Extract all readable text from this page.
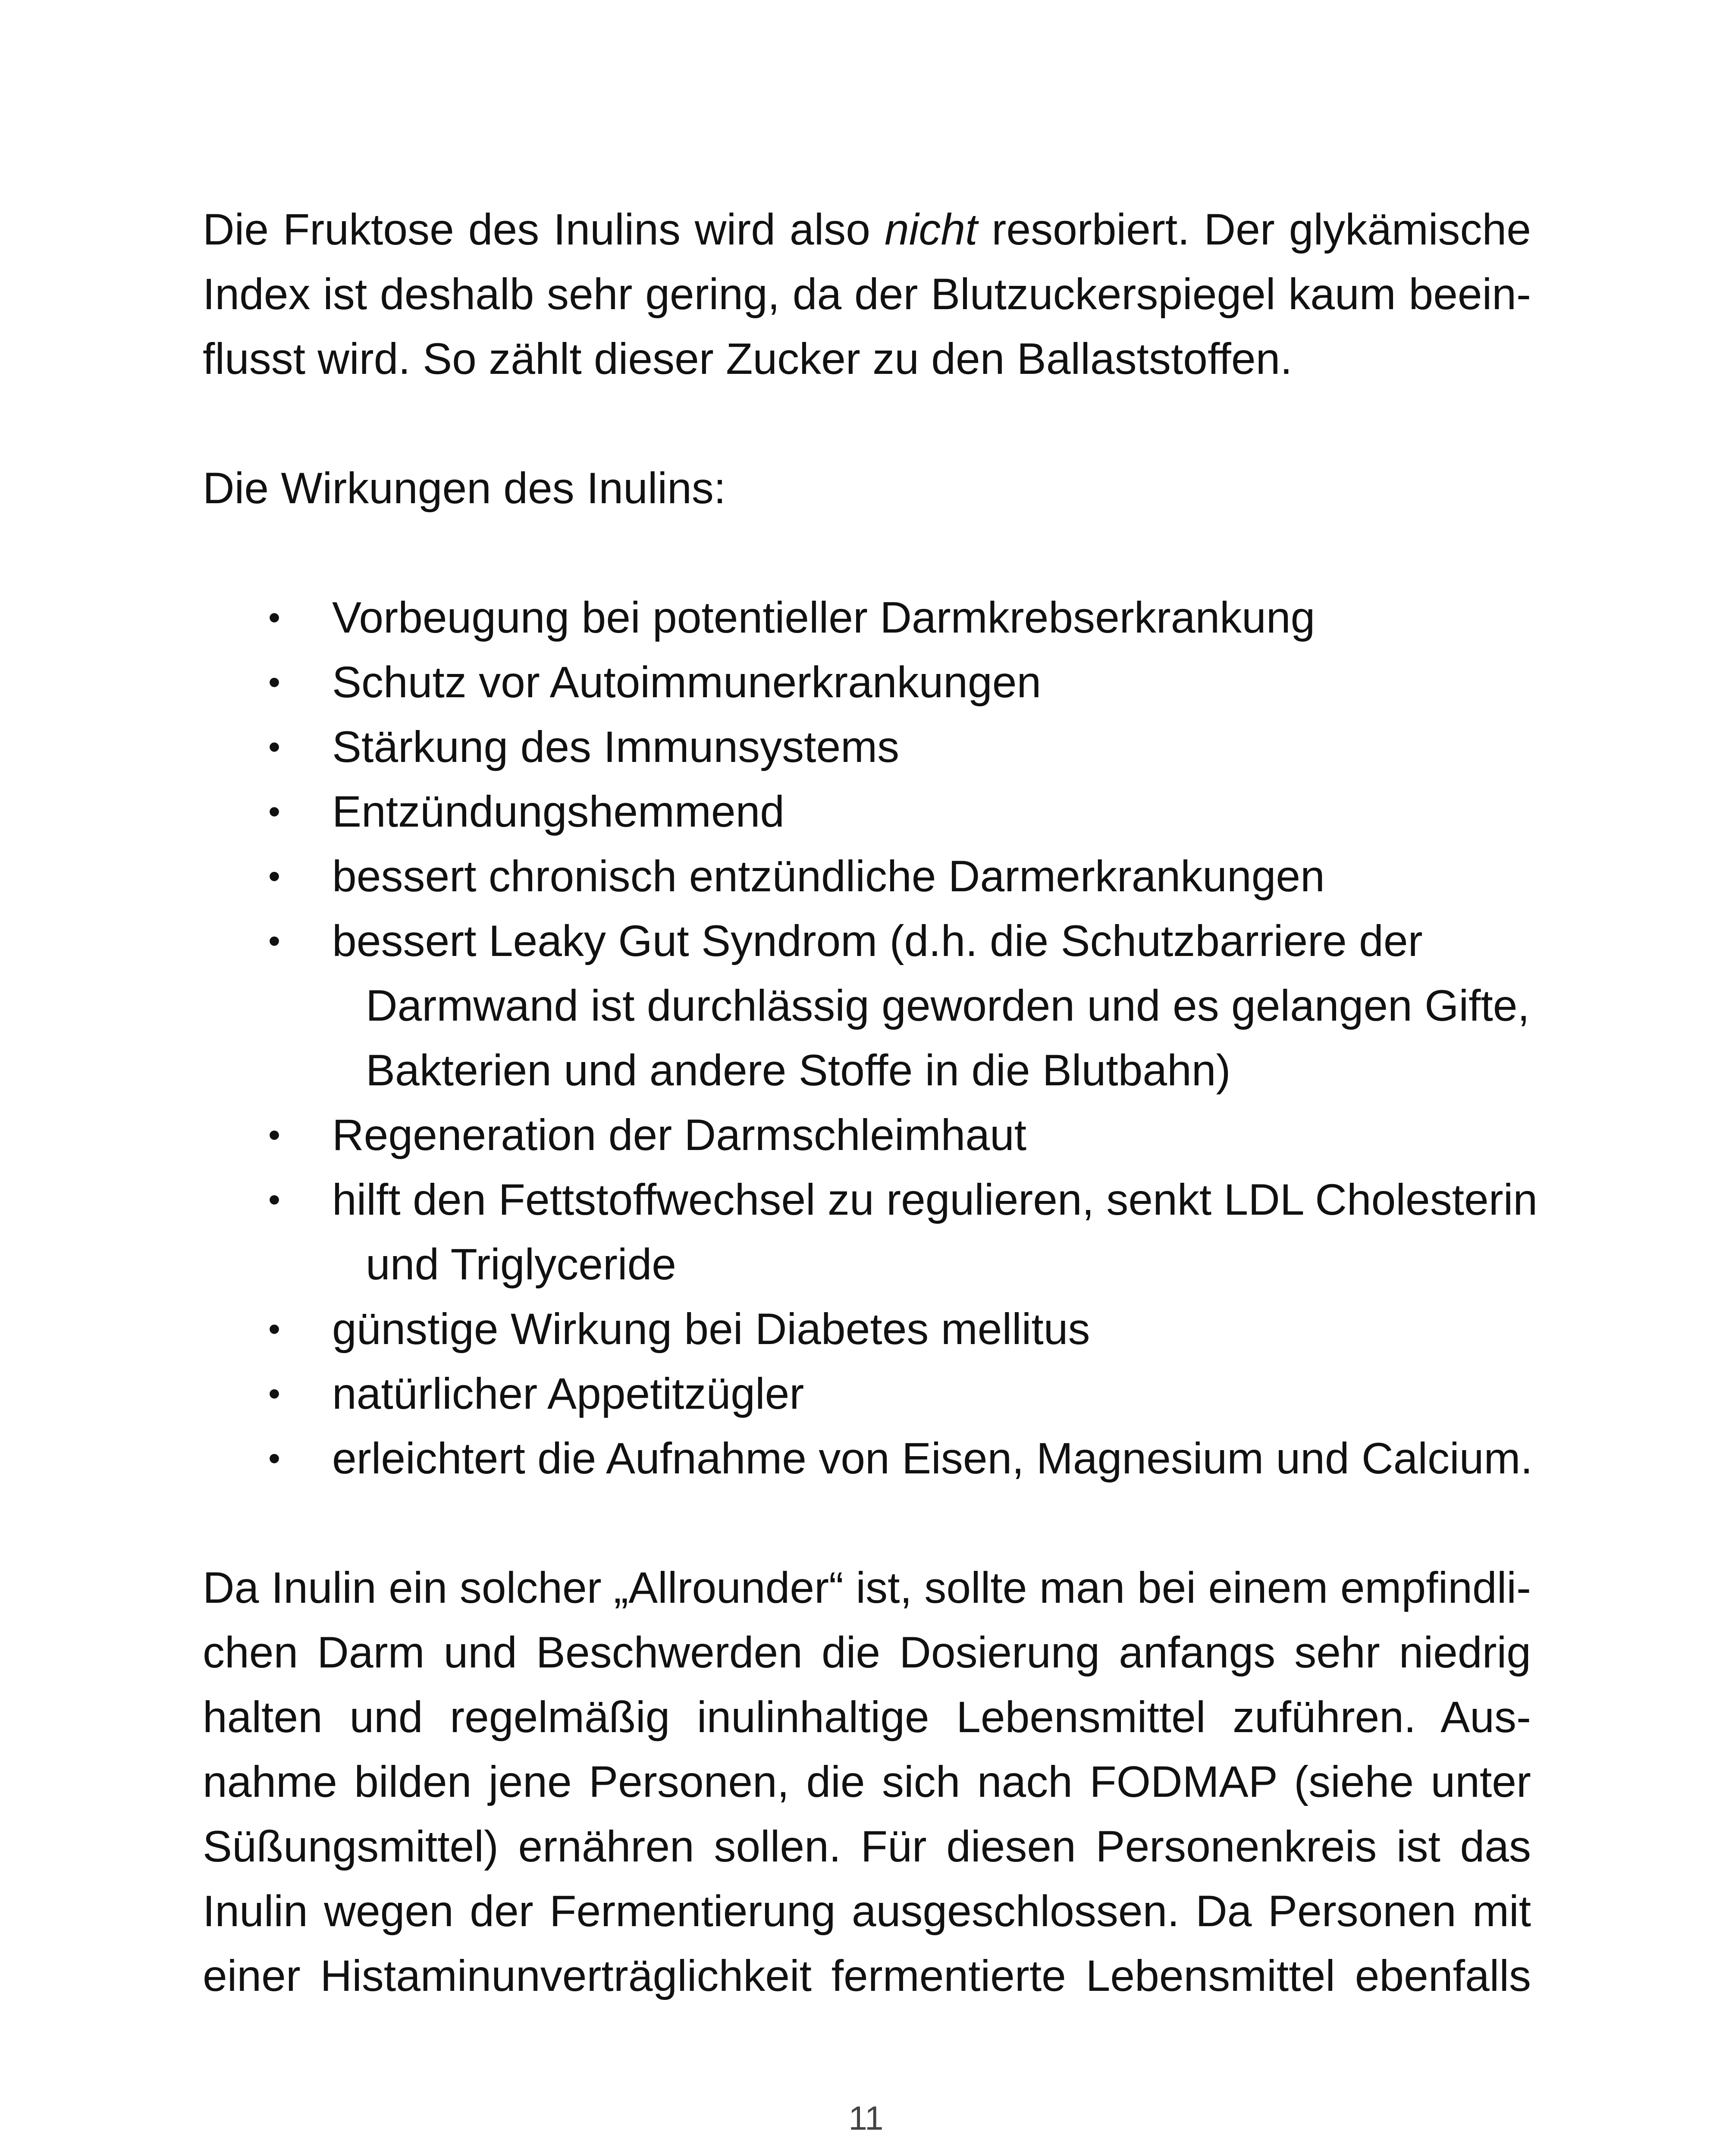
Die Fruktose des Inulins wird also nicht resorbiert. Der glykämische
Index ist deshalb sehr gering, da der Blutzuckerspiegel kaum beein-
flusst wird. So zählt dieser Zucker zu den Ballaststoffen.

Die Wirkungen des Inulins:

• Vorbeugung bei potentieller Darmkrebserkrankung
• Schutz vor Autoimmunerkrankungen
• Stärkung des Immunsystems
• Entzündungshemmend
• bessert chronisch entzündliche Darmerkrankungen
• bessert Leaky Gut Syndrom (d.h. die Schutzbarriere der
Darmwand ist durchlässig geworden und es gelangen Gifte,
Bakterien und andere Stoffe in die Blutbahn)
• Regeneration der Darmschleimhaut
• hilft den Fettstoffwechsel zu regulieren, senkt LDL Cholesterin
und Triglyceride
• günstige Wirkung bei Diabetes mellitus
• natürlicher Appetitzügler
• erleichtert die Aufnahme von Eisen, Magnesium und Calcium.

Da Inulin ein solcher „Allrounder“ ist, sollte man bei einem empfindli-
chen Darm und Beschwerden die Dosierung anfangs sehr niedrig
halten und regelmäßig inulinhaltige Lebensmittel zuführen. Aus-
nahme bilden jene Personen, die sich nach FODMAP (siehe unter
Süßungsmittel) ernähren sollen. Für diesen Personenkreis ist das
Inulin wegen der Fermentierung ausgeschlossen. Da Personen mit
einer Histaminunverträglichkeit fermentierte Lebensmittel ebenfalls

11
